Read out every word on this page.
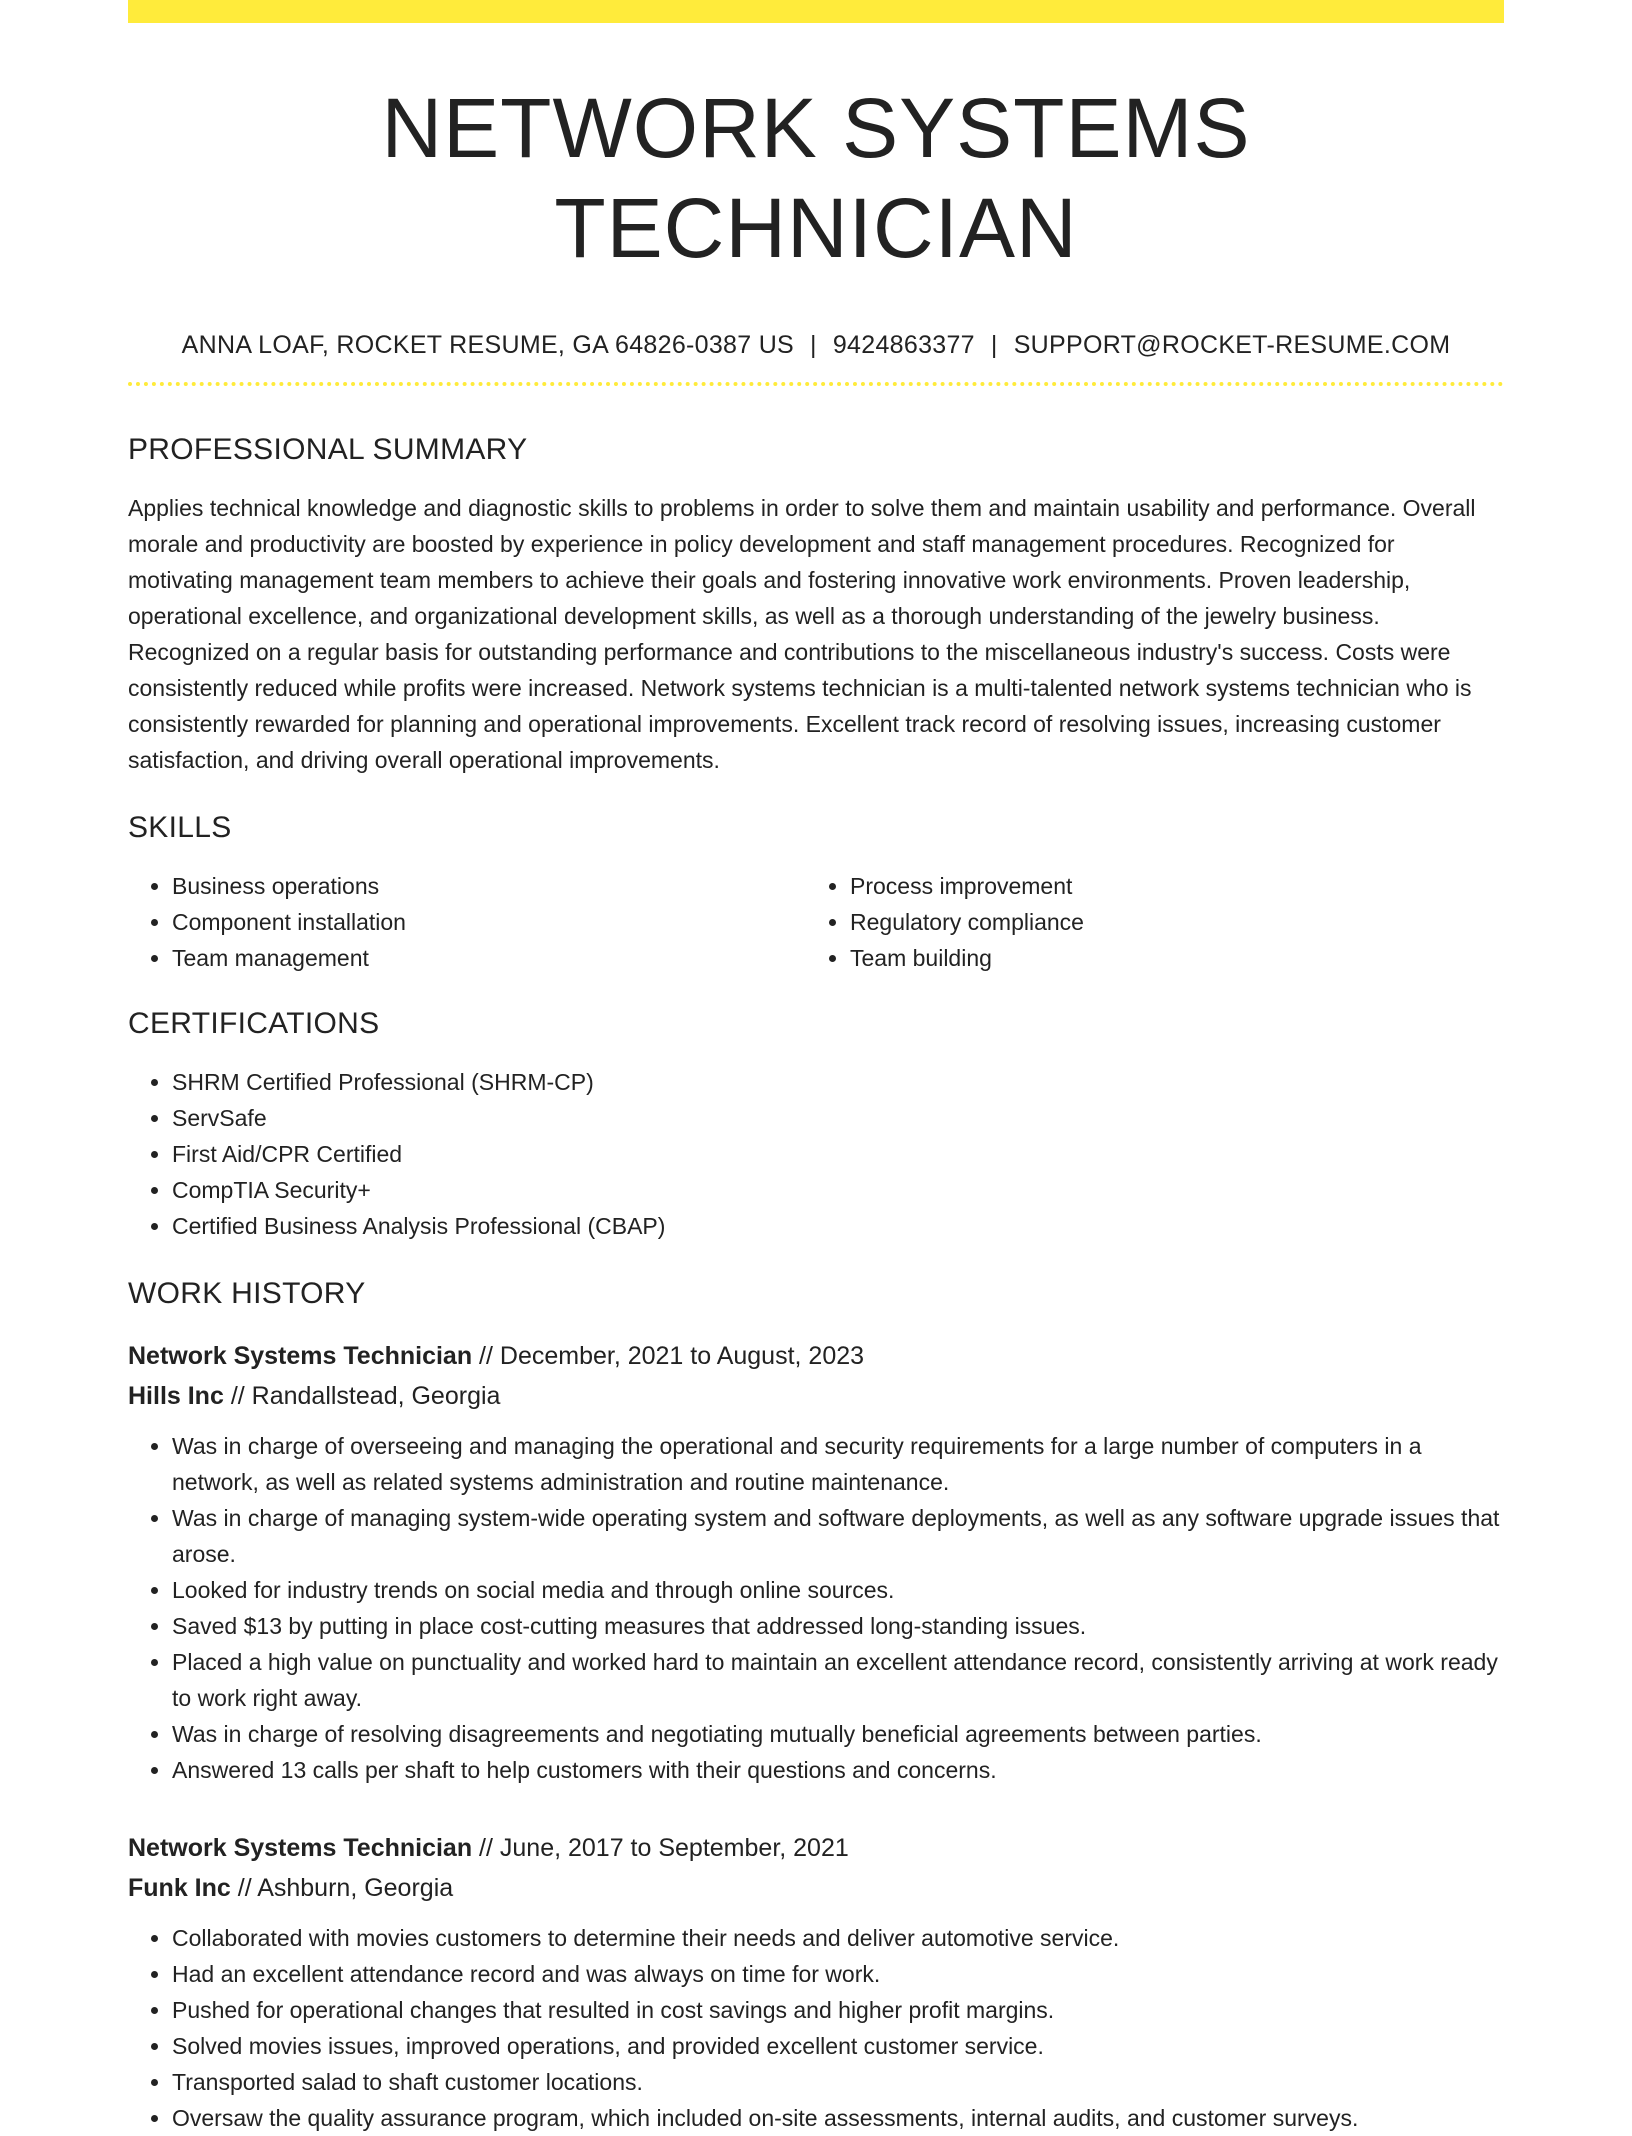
NETWORK SYSTEMS TECHNICIAN
ANNA LOAF, ROCKET RESUME, GA 64826-0387 US | 9424863377 | SUPPORT@ROCKET-RESUME.COM
PROFESSIONAL SUMMARY

Applies technical knowledge and diagnostic skills to problems in order to solve them and maintain usability and performance. Overall morale and productivity are boosted by experience in policy development and staff management procedures. Recognized for motivating management team members to achieve their goals and fostering innovative work environments. Proven leadership, operational excellence, and organizational development skills, as well as a thorough understanding of the jewelry business. Recognized on a regular basis for outstanding performance and contributions to the miscellaneous industry's success. Costs were consistently reduced while profits were increased. Network systems technician is a multi-talented network systems technician who is consistently rewarded for planning and operational improvements. Excellent track record of resolving issues, increasing customer satisfaction, and driving overall operational improvements.

SKILLS
• Business operations
• Component installation
• Team management
• Process improvement
• Regulatory compliance
• Team building
CERTIFICATIONS
• SHRM Certified Professional (SHRM-CP)
• ServSafe
• First Aid/CPR Certified
• CompTIA Security+
• Certified Business Analysis Professional (CBAP)
WORK HISTORY
Network Systems Technician // December, 2021 to August, 2023
Hills Inc // Randallstead, Georgia
• Was in charge of overseeing and managing the operational and security requirements for a large number of computers in a network, as well as related systems administration and routine maintenance.
• Was in charge of managing system-wide operating system and software deployments, as well as any software upgrade issues that arose.
• Looked for industry trends on social media and through online sources.
• Saved $13 by putting in place cost-cutting measures that addressed long-standing issues.
• Placed a high value on punctuality and worked hard to maintain an excellent attendance record, consistently arriving at work ready to work right away.
• Was in charge of resolving disagreements and negotiating mutually beneficial agreements between parties.
• Answered 13 calls per shaft to help customers with their questions and concerns.
Network Systems Technician // June, 2017 to September, 2021
Funk Inc // Ashburn, Georgia
• Collaborated with movies customers to determine their needs and deliver automotive service.
• Had an excellent attendance record and was always on time for work.
• Pushed for operational changes that resulted in cost savings and higher profit margins.
• Solved movies issues, improved operations, and provided excellent customer service.
• Transported salad to shaft customer locations.
• Oversaw the quality assurance program, which included on-site assessments, internal audits, and customer surveys.
